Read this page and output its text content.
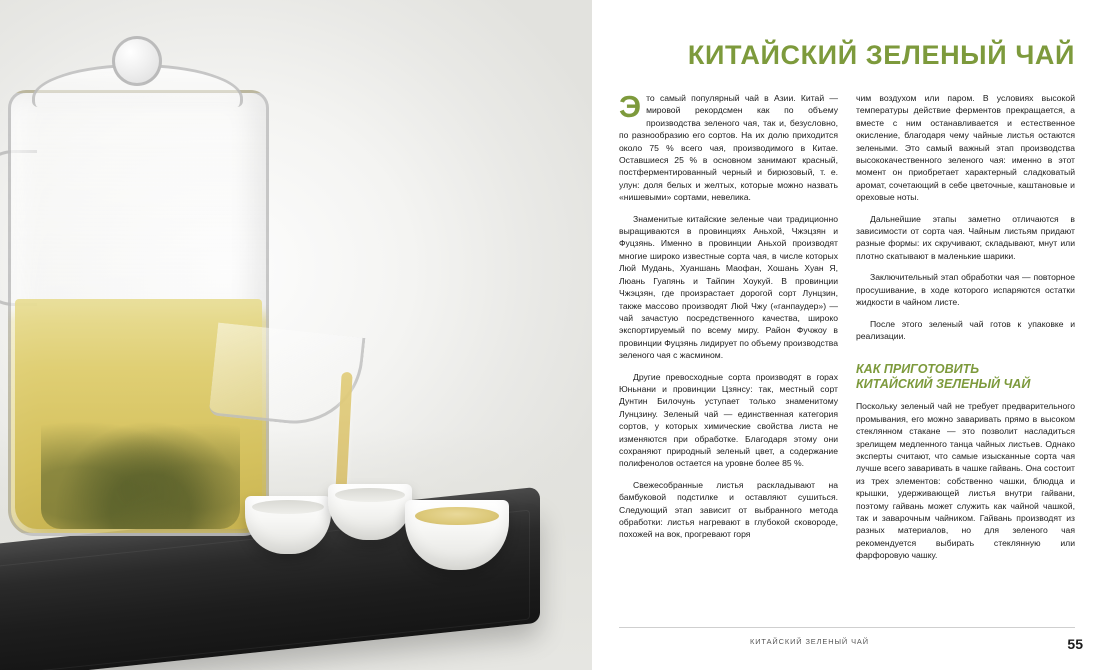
КИТАЙСКИЙ ЗЕЛЕНЫЙ ЧАЙ

Это самый популярный чай в Азии. Китай — мировой рекордсмен как по объему производства зеленого чая, так и, безусловно, по разнообразию его сортов. На их долю приходится около 75 % всего чая, производимого в Китае. Оставшиеся 25 % в основном занимают красный, постферментированный черный и бирюзовый, т. е. улун: доля белых и желтых, которые можно назвать «нишевыми» сортами, невелика.

Знаменитые китайские зеленые чаи традиционно выращиваются в провинциях Аньхой, Чжэцзян и Фуцзянь. Именно в провинции Аньхой производят многие широко известные сорта чая, в числе которых Люй Мудань, Хуаншань Маофан, Хошань Хуан Я, Люань Гуапянь и Тайпин Хоукуй. В провинции Чжэцзян, где произрастает дорогой сорт Лунцзин, также массово производят Люй Чжу («ганпаудер») — чай зачастую посредственного качества, широко экспортируемый по всему миру. Район Фучжоу в провинции Фуцзянь лидирует по объему производства зеленого чая с жасмином.

Другие превосходные сорта производят в горах Юньнани и провинции Цзянсу: так, местный сорт Дунтин Билочунь уступает только знаменитому Лунцзину. Зеленый чай — единственная категория сортов, у которых химические свойства листа не изменяются при обработке. Благодаря этому они сохраняют природный зеленый цвет, а содержание полифенолов остается на уровне более 85 %.

Свежесобранные листья раскладывают на бамбуковой подстилке и оставляют сушиться. Следующий этап зависит от выбранного метода обработки: листья нагревают в глубокой сковороде, похожей на вок, прогревают горя

чим воздухом или паром. В условиях высокой температуры действие ферментов прекращается, а вместе с ним останавливается и естественное окисление, благодаря чему чайные листья остаются зелеными. Это самый важный этап производства высококачественного зеленого чая: именно в этот момент он приобретает характерный сладковатый аромат, сочетающий в себе цветочные, каштановые и ореховые ноты.

Дальнейшие этапы заметно отличаются в зависимости от сорта чая. Чайным листьям придают разные формы: их скручивают, складывают, мнут или плотно скатывают в маленькие шарики.

Заключительный этап обработки чая — повторное просушивание, в ходе которого испаряются остатки жидкости в чайном листе.

После этого зеленый чай готов к упаковке и реализации.

КАК ПРИГОТОВИТЬ
КИТАЙСКИЙ ЗЕЛЕНЫЙ ЧАЙ

Поскольку зеленый чай не требует предварительного промывания, его можно заваривать прямо в высоком стеклянном стакане — это позволит насладиться зрелищем медленного танца чайных листьев. Однако эксперты считают, что самые изысканные сорта чая лучше всего заваривать в чашке гайвань. Она состоит из трех элементов: собственно чашки, блюдца и крышки, удерживающей листья внутри гайвани, поэтому гайвань может служить как чайной чашкой, так и заварочным чайником. Гайвань производят из разных материалов, но для зеленого чая рекомендуется выбирать стеклянную или фарфоровую чашку.

КИТАЙСКИЙ ЗЕЛЕНЫЙ ЧАЙ	55
